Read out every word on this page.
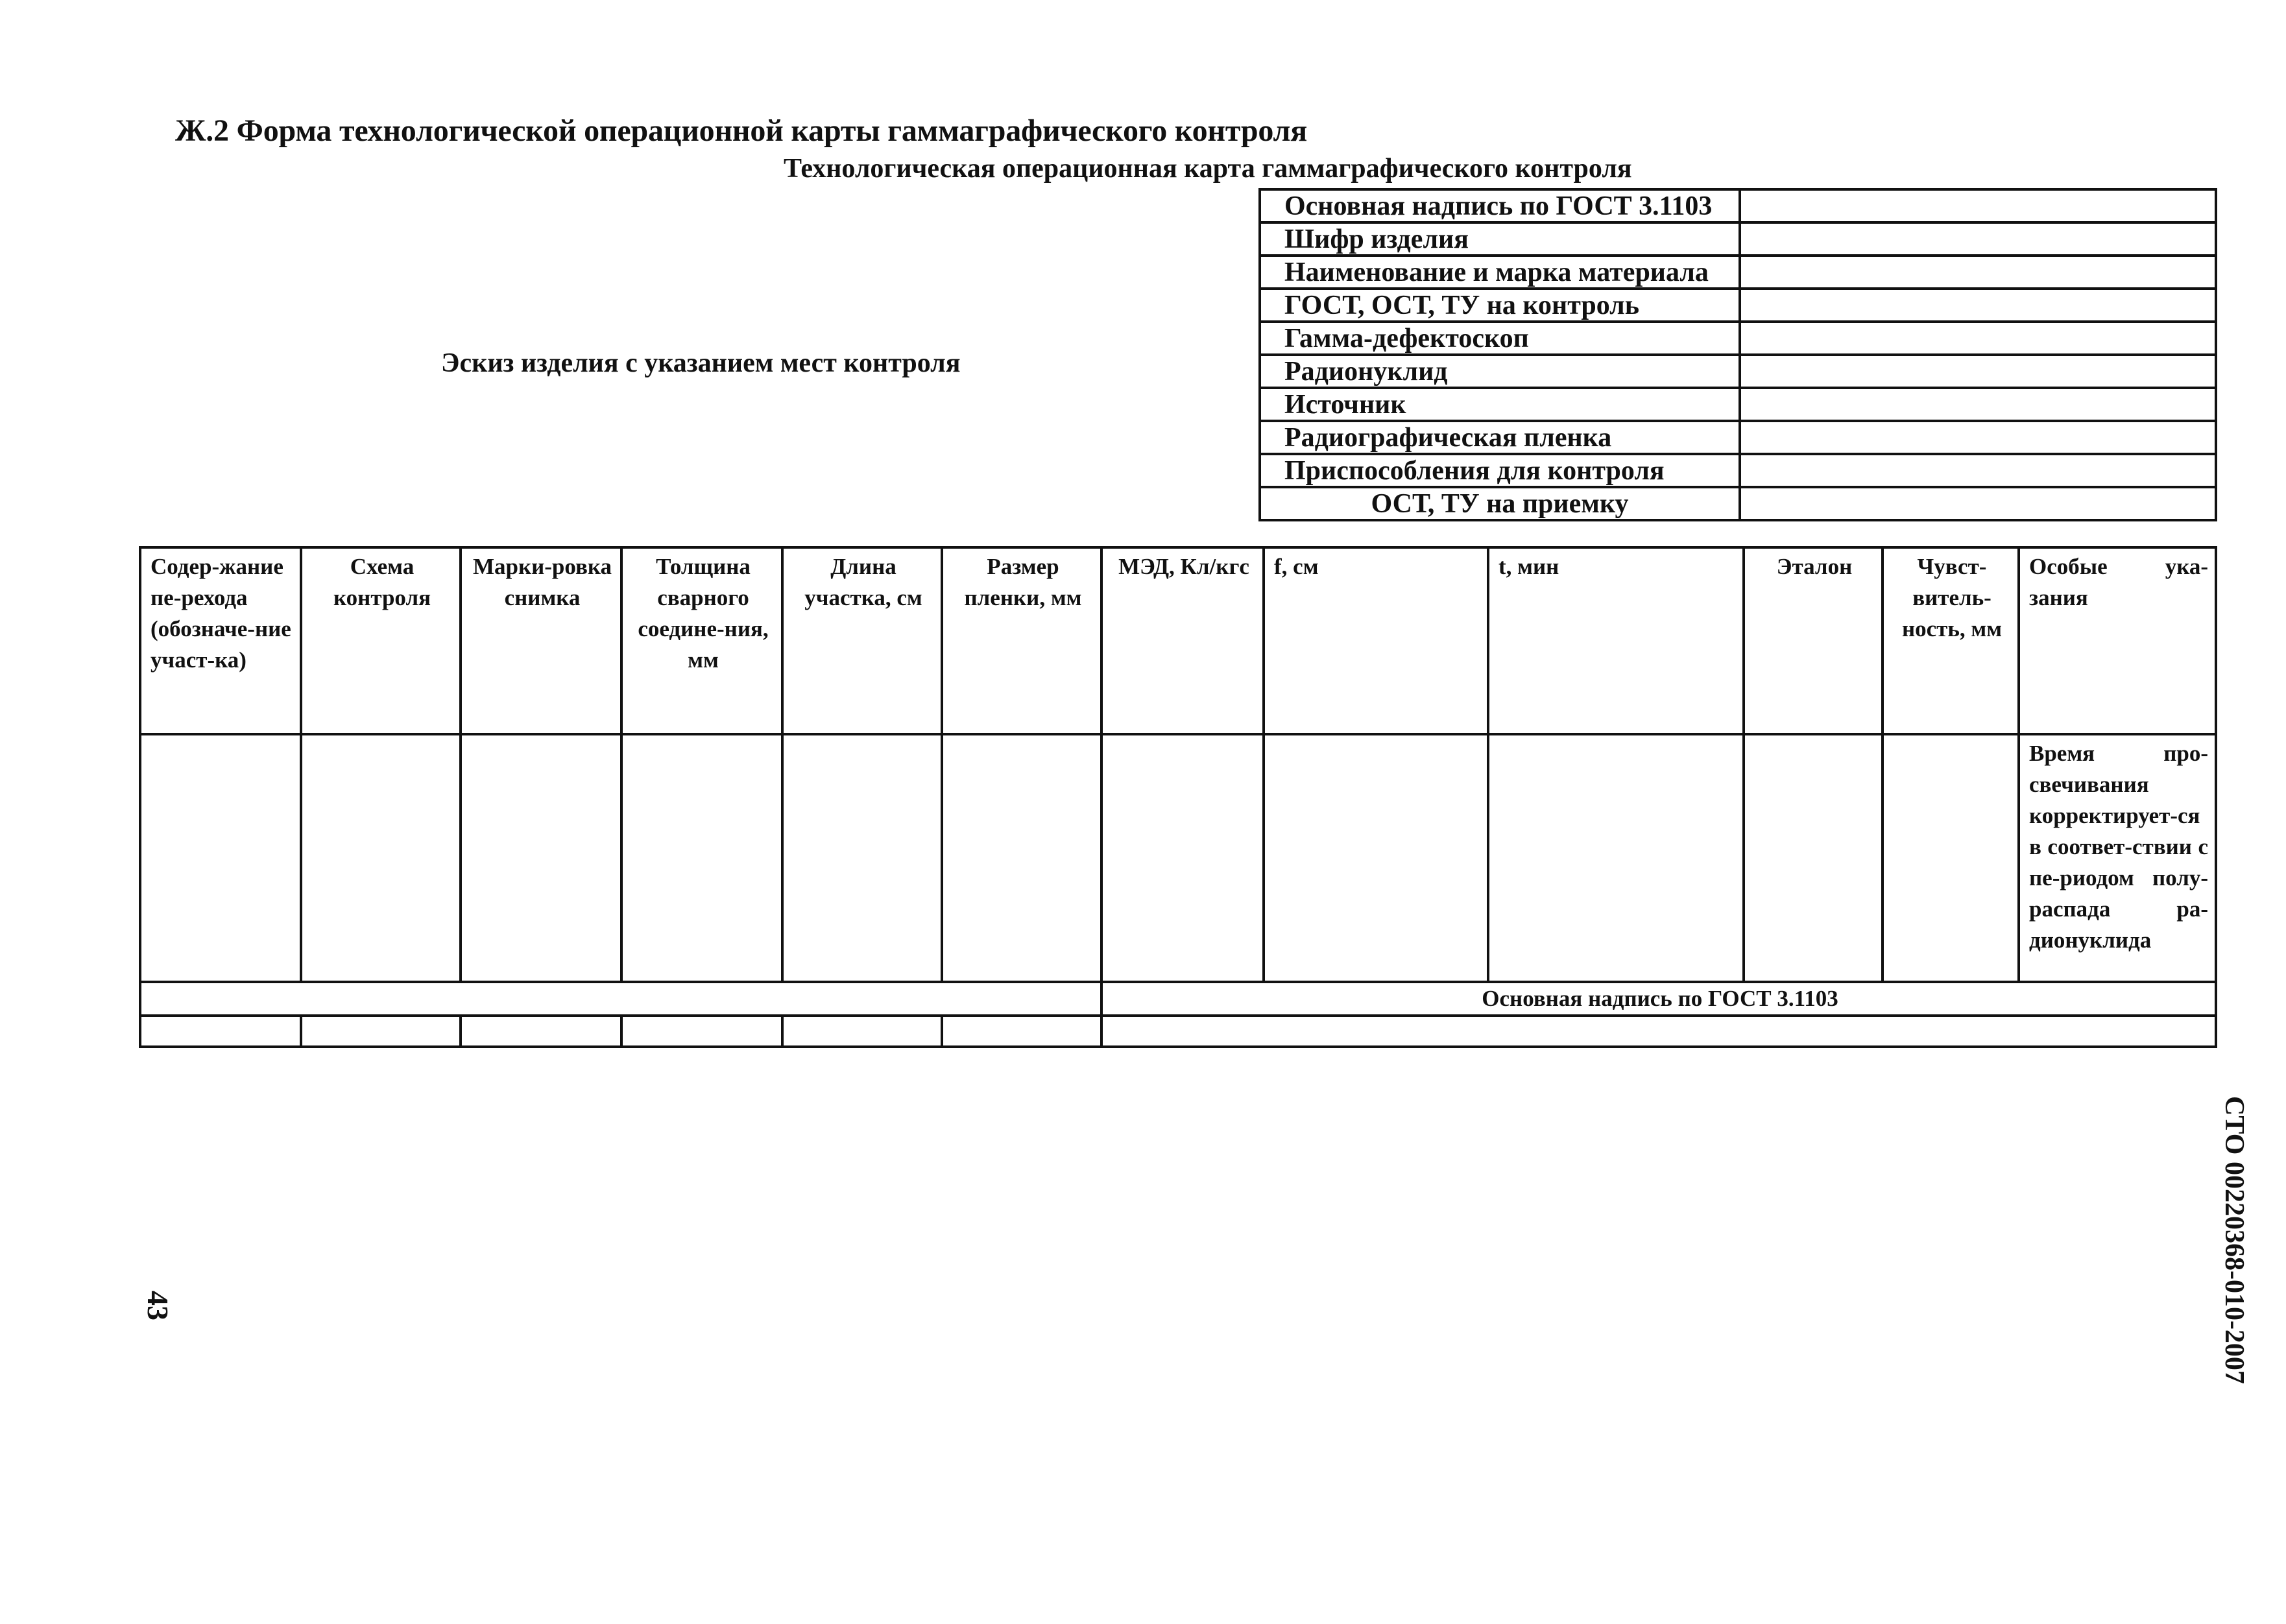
Ж.2 Форма технологической операционной карты гаммаграфического контроля
Технологическая операционная карта гаммаграфического контроля
Эскиз изделия с указанием мест контроля
Основная надпись по ГОСТ 3.1103	
Шифр изделия	
Наименование и марка материала	
ГОСТ, ОСТ, ТУ на контроль	
Гамма-дефектоскоп	
Радионуклид	
Источник	
Радиографическая пленка	
Приспособления для контроля	
ОСТ, ТУ на приемку	
Содер-жание пе-рехода (обозначе-ние участ-ка)	Схема контроля	Марки-ровка снимка	Толщина сварного соедине-ния, мм	Длина участка, см	Размер пленки, мм	МЭД, Кл/кгс	f, см	t, мин	Эталон	Чувст-витель-ность, мм	Особые ука-зания
											Время про-свечивания корректирует-ся в соответ-ствии с пе-риодом полу-распада ра-дионуклида
						Основная надпись по ГОСТ 3.1103					

43	СТО 00220368-010-2007
